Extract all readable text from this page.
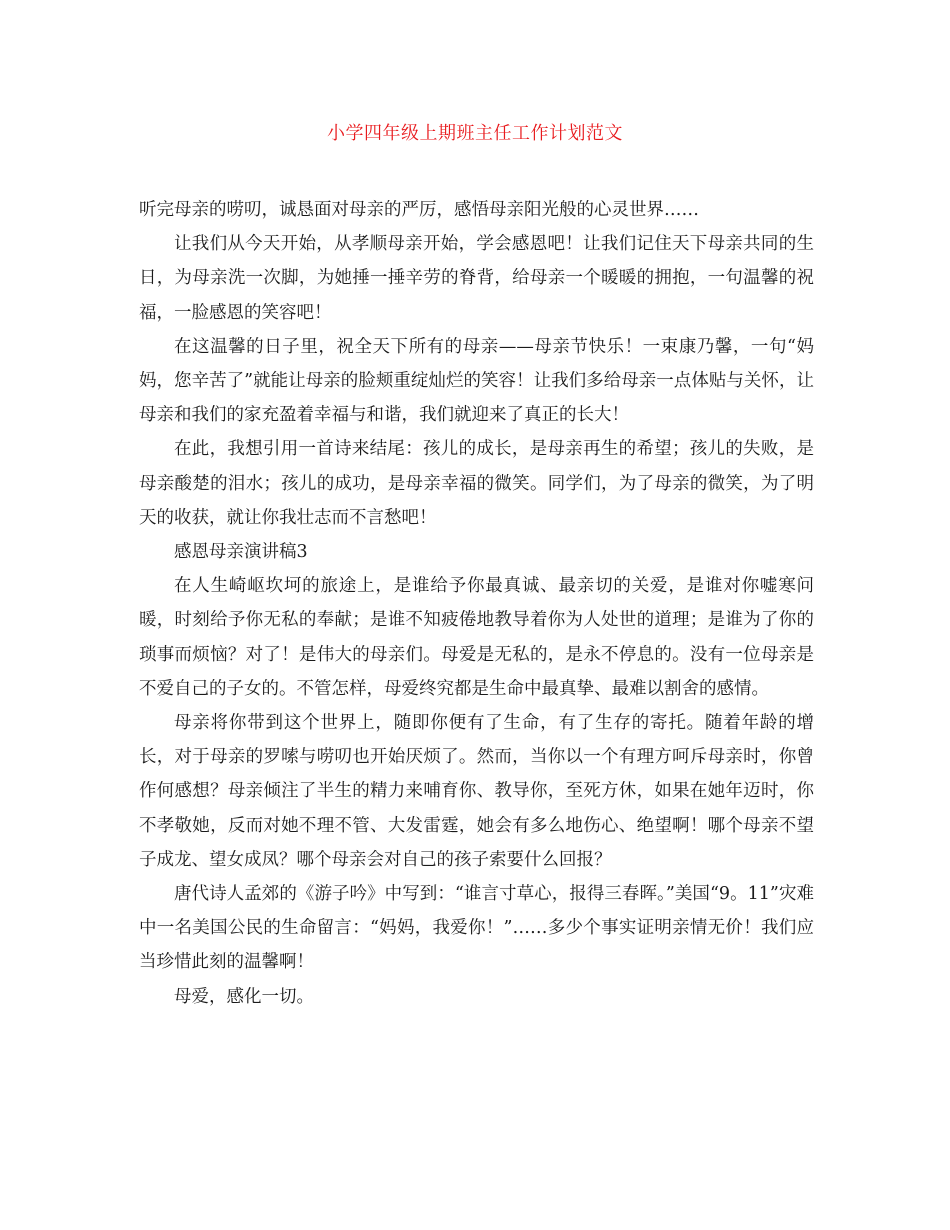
小学四年级上期班主任工作计划范文

听完母亲的唠叨，诚恳面对母亲的严厉，感悟母亲阳光般的心灵世界……

让我们从今天开始，从孝顺母亲开始，学会感恩吧！让我们记住天下母亲共同的生日，为母亲洗一次脚，为她捶一捶辛劳的脊背，给母亲一个暖暖的拥抱，一句温馨的祝福，一脸感恩的笑容吧！

在这温馨的日子里，祝全天下所有的母亲——母亲节快乐！一束康乃馨，一句“妈妈，您辛苦了”就能让母亲的脸颊重绽灿烂的笑容！让我们多给母亲一点体贴与关怀，让母亲和我们的家充盈着幸福与和谐，我们就迎来了真正的长大！

在此，我想引用一首诗来结尾：孩儿的成长，是母亲再生的希望；孩儿的失败，是母亲酸楚的泪水；孩儿的成功，是母亲幸福的微笑。同学们，为了母亲的微笑，为了明天的收获，就让你我壮志而不言愁吧！

感恩母亲演讲稿3

在人生崎岖坎坷的旅途上，是谁给予你最真诚、最亲切的关爱，是谁对你嘘寒问暖，时刻给予你无私的奉献；是谁不知疲倦地教导着你为人处世的道理；是谁为了你的琐事而烦恼？对了！是伟大的母亲们。母爱是无私的，是永不停息的。没有一位母亲是不爱自己的子女的。不管怎样，母爱终究都是生命中最真挚、最难以割舍的感情。

母亲将你带到这个世界上，随即你便有了生命，有了生存的寄托。随着年龄的增长，对于母亲的罗嗦与唠叨也开始厌烦了。然而，当你以一个有理方呵斥母亲时，你曾作何感想？母亲倾注了半生的精力来哺育你、教导你，至死方休，如果在她年迈时，你不孝敬她，反而对她不理不管、大发雷霆，她会有多么地伤心、绝望啊！哪个母亲不望子成龙、望女成凤？哪个母亲会对自己的孩子索要什么回报？

唐代诗人孟郊的《游子吟》中写到：“谁言寸草心，报得三春晖。”美国“9。11”灾难中一名美国公民的生命留言：“妈妈，我爱你！”……多少个事实证明亲情无价！我们应当珍惜此刻的温馨啊！

母爱，感化一切。
